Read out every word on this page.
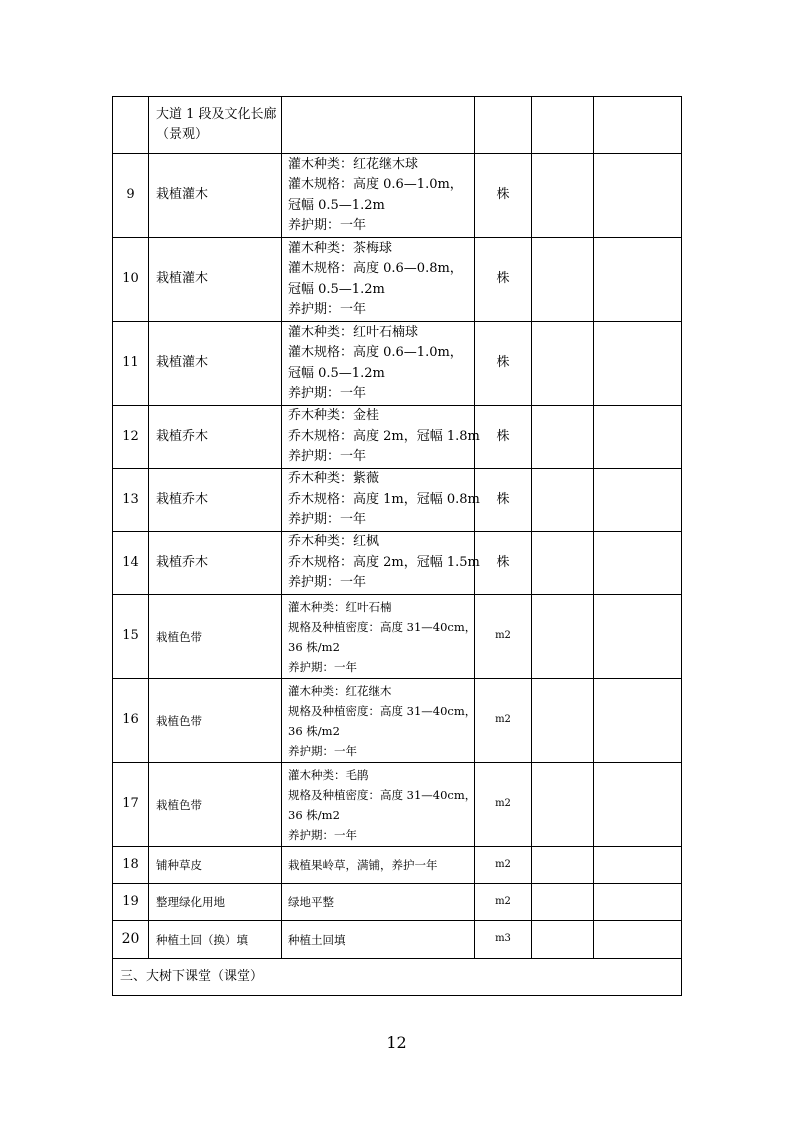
	大道 1 段及文化长廊（景观）				
9	栽植灌木	灌木种类：红花继木球
灌木规格：高度 0.6—1.0m，
冠幅 0.5—1.2m
养护期：一年	株		
10	栽植灌木	灌木种类：茶梅球
灌木规格：高度 0.6—0.8m，
冠幅 0.5—1.2m
养护期：一年	株		
11	栽植灌木	灌木种类：红叶石楠球
灌木规格：高度 0.6—1.0m，
冠幅 0.5—1.2m
养护期：一年	株		
12	栽植乔木	乔木种类：金桂
乔木规格：高度 2m，冠幅 1.8m
养护期：一年	株		
13	栽植乔木	乔木种类：紫薇
乔木规格：高度 1m，冠幅 0.8m
养护期：一年	株		
14	栽植乔木	乔木种类：红枫
乔木规格：高度 2m，冠幅 1.5m
养护期：一年	株		
15	栽植色带	灌木种类：红叶石楠
规格及种植密度：高度 31—40cm，
36 株/m2
养护期：一年	m2		
16	栽植色带	灌木种类：红花继木
规格及种植密度：高度 31—40cm，
36 株/m2
养护期：一年	m2		
17	栽植色带	灌木种类：毛鹃
规格及种植密度：高度 31—40cm，
36 株/m2
养护期：一年	m2		
18	铺种草皮	栽植果岭草，满铺，养护一年	m2		
19	整理绿化用地	绿地平整	m2		
20	种植土回（换）填	种植土回填	m3		
三、大树下课堂（课堂）					
12
